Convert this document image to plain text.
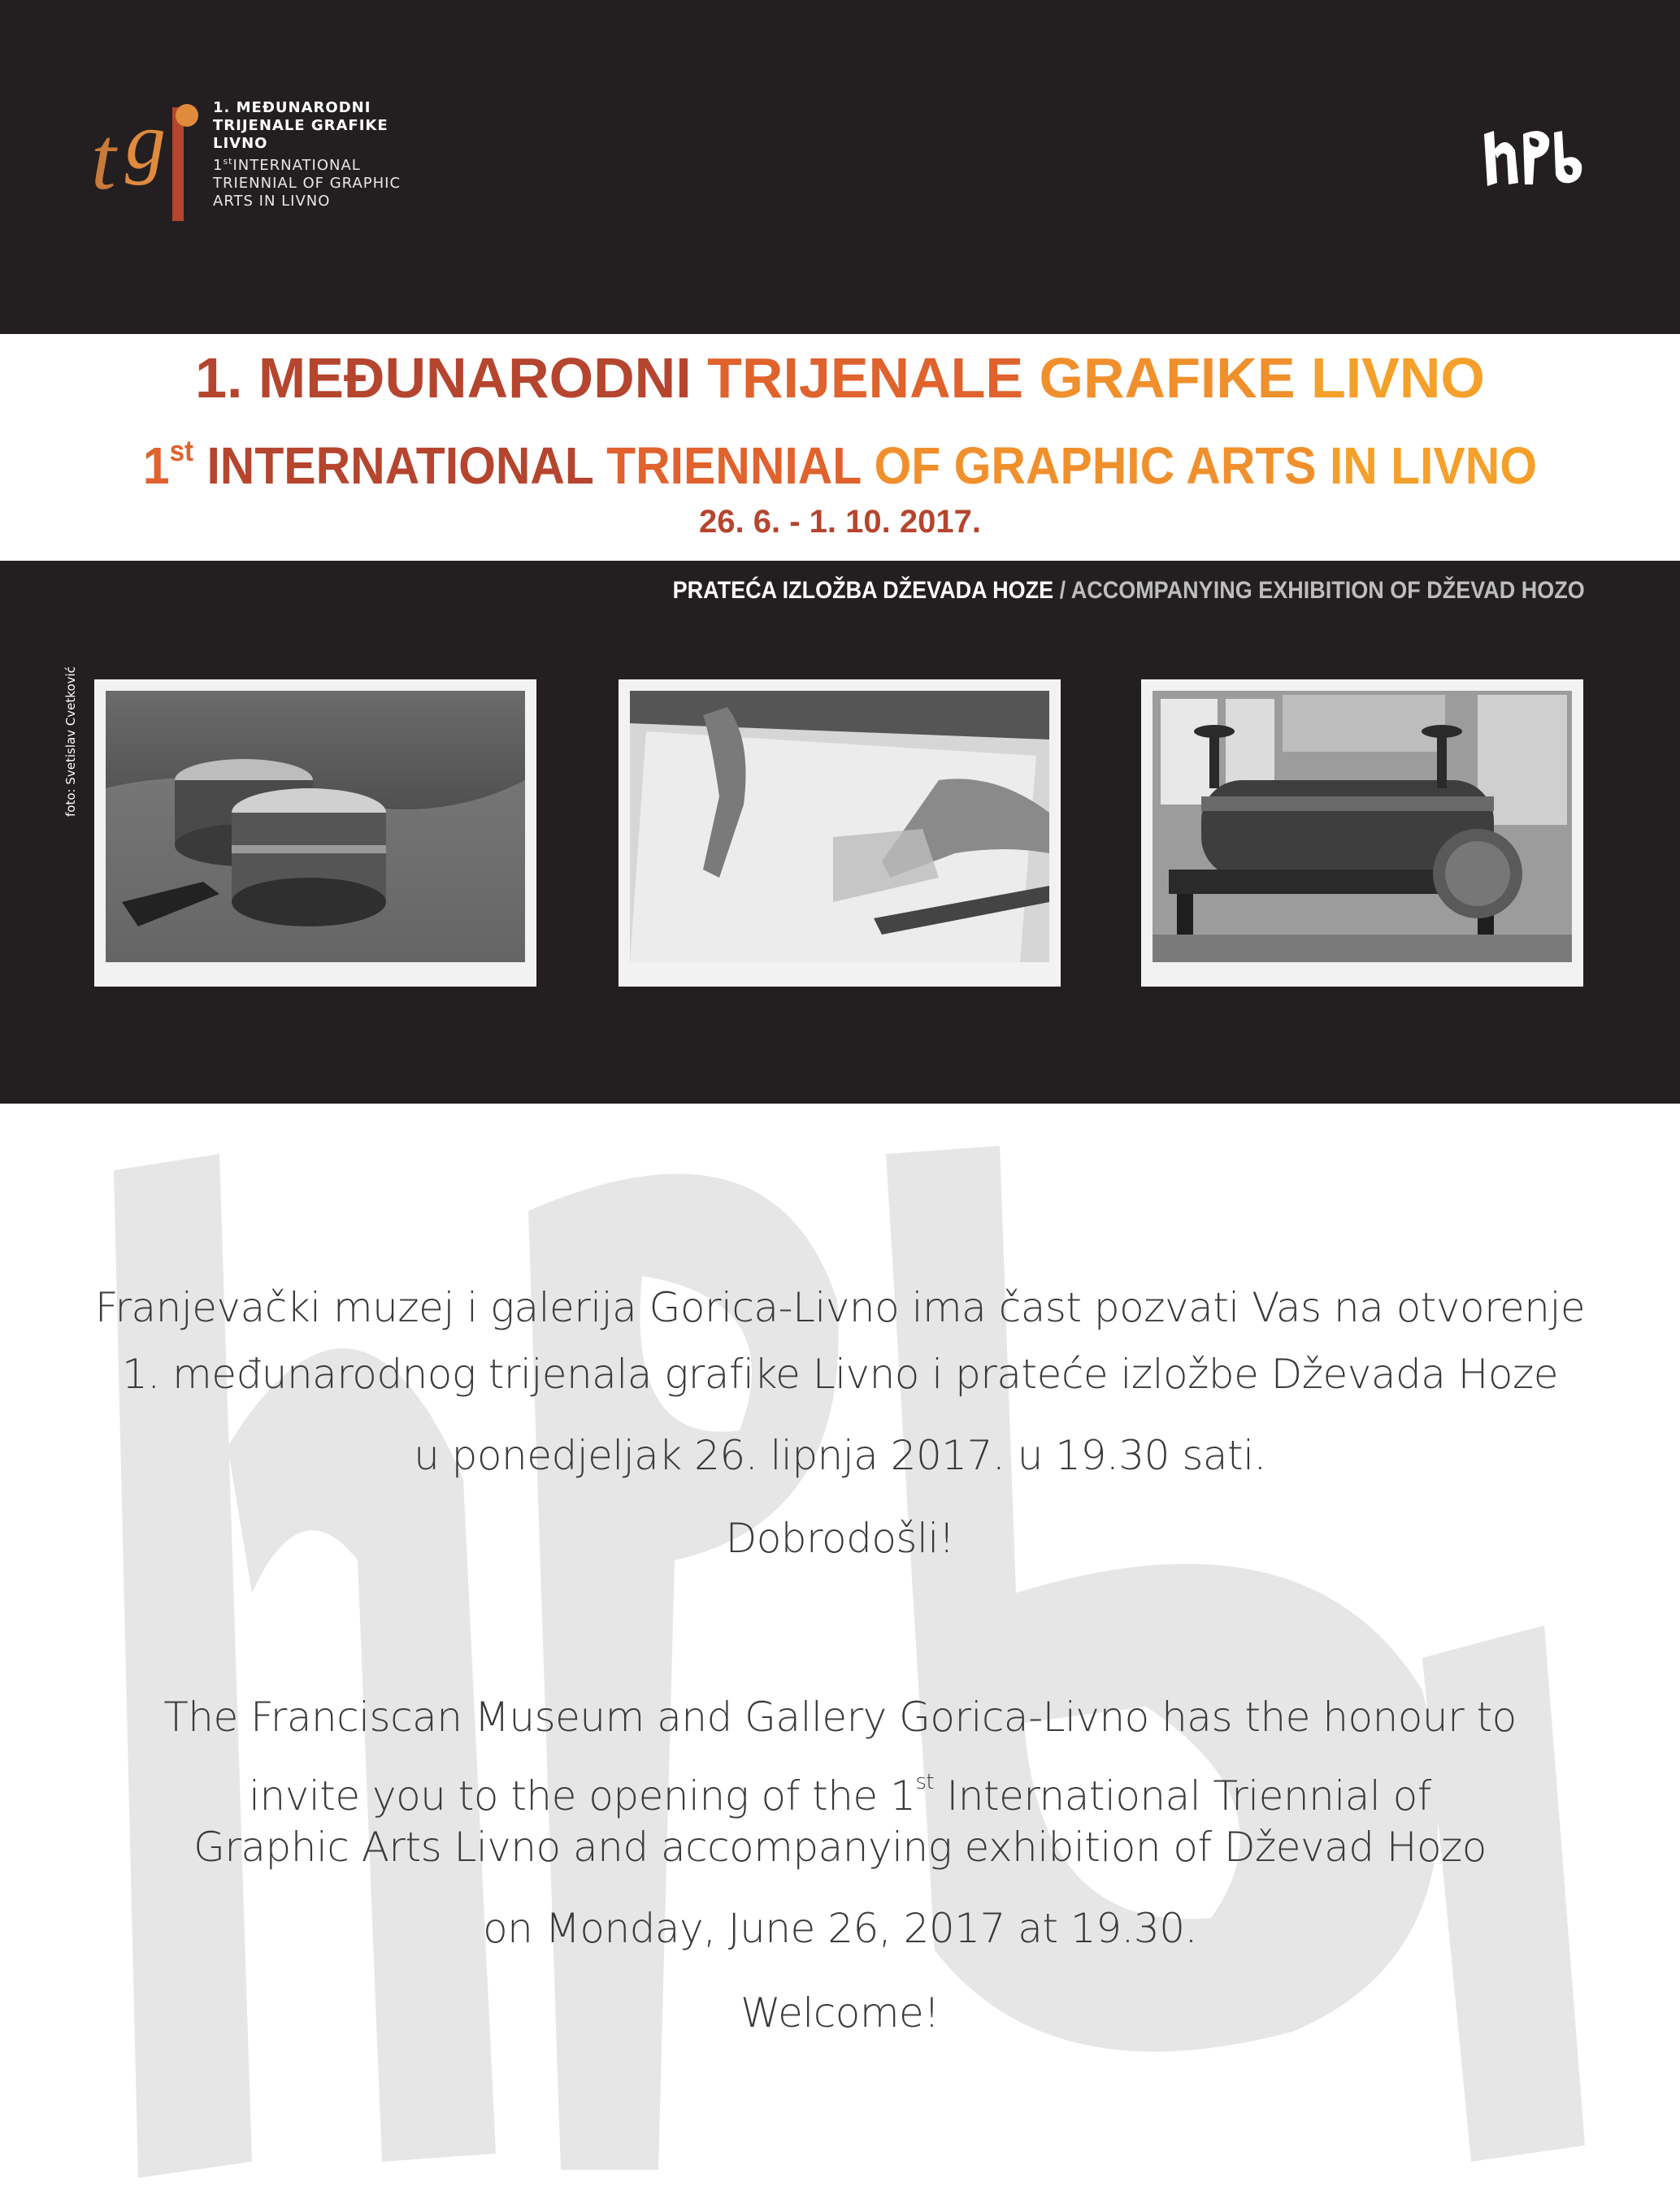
t g	1. MEĐUNARODNI
TRIJENALE GRAFIKE
LIVNO
1stINTERNATIONAL
TRIENNIAL OF GRAPHIC
ARTS IN LIVNO
1. MEĐUNARODNI TRIJENALE GRAFIKE LIVNO
1st INTERNATIONAL TRIENNIAL OF GRAPHIC ARTS IN LIVNO
26. 6. - 1. 10. 2017.
PRATEĆA IZLOŽBA DŽEVADA HOZE / ACCOMPANYING EXHIBITION OF DŽEVAD HOZO
foto: Svetislav Cvetković
Franjevački muzej i galerija Gorica-Livno ima čast pozvati Vas na otvorenje
1. međunarodnog trijenala grafike Livno i prateće izložbe Dževada Hoze
u ponedjeljak 26. lipnja 2017. u 19.30 sati.
Dobrodošli!
The Franciscan Museum and Gallery Gorica-Livno has the honour to
invite you to the opening of the 1st International Triennial of
Graphic Arts Livno and accompanying exhibition of Dževad Hozo
on Monday, June 26, 2017 at 19.30.
Welcome!
